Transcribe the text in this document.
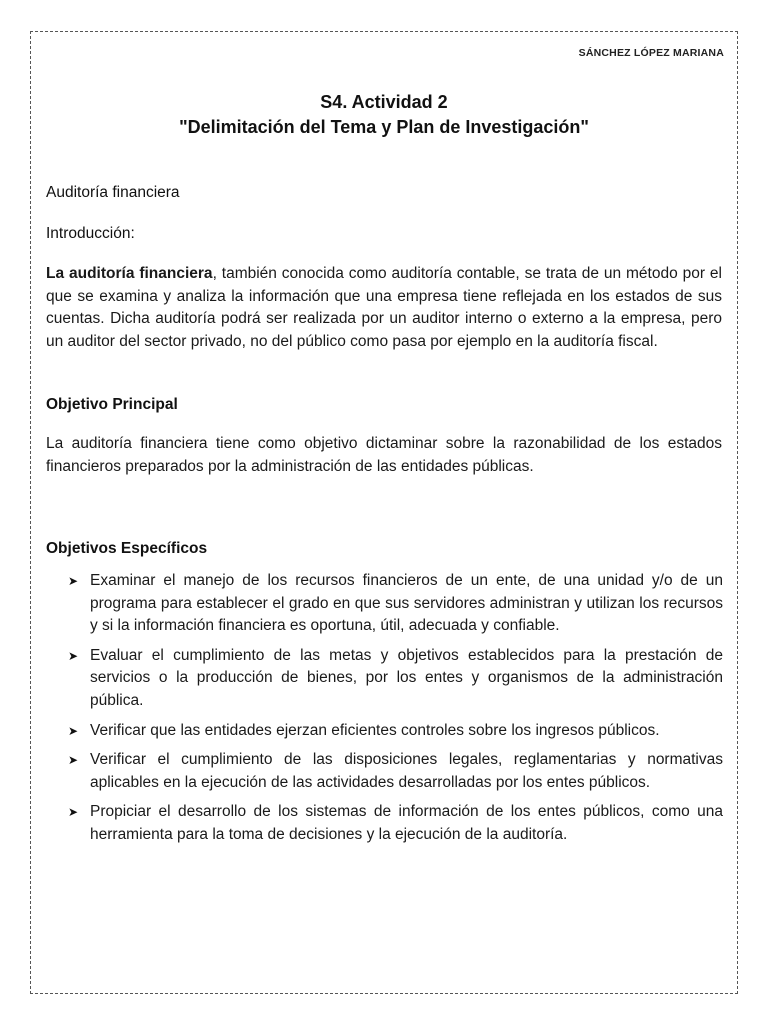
SÁNCHEZ LÓPEZ MARIANA
S4. Actividad 2
"Delimitación del Tema y Plan de Investigación"
Auditoría financiera
Introducción:

La auditoría financiera, también conocida como auditoría contable, se trata de un método por el que se examina y analiza la información que una empresa tiene reflejada en los estados de sus cuentas. Dicha auditoría podrá ser realizada por un auditor interno o externo a la empresa, pero un auditor del sector privado, no del público como pasa por ejemplo en la auditoría fiscal.

Objetivo Principal

La auditoría financiera tiene como objetivo dictaminar sobre la razonabilidad de los estados financieros preparados por la administración de las entidades públicas.

Objetivos Específicos
➤ Examinar el manejo de los recursos financieros de un ente, de una unidad y/o de un programa para establecer el grado en que sus servidores administran y utilizan los recursos y si la información financiera es oportuna, útil, adecuada y confiable.
➤ Evaluar el cumplimiento de las metas y objetivos establecidos para la prestación de servicios o la producción de bienes, por los entes y organismos de la administración pública.
➤ Verificar que las entidades ejerzan eficientes controles sobre los ingresos públicos.
➤ Verificar el cumplimiento de las disposiciones legales, reglamentarias y normativas aplicables en la ejecución de las actividades desarrolladas por los entes públicos.
➤ Propiciar el desarrollo de los sistemas de información de los entes públicos, como una herramienta para la toma de decisiones y la ejecución de la auditoría.
